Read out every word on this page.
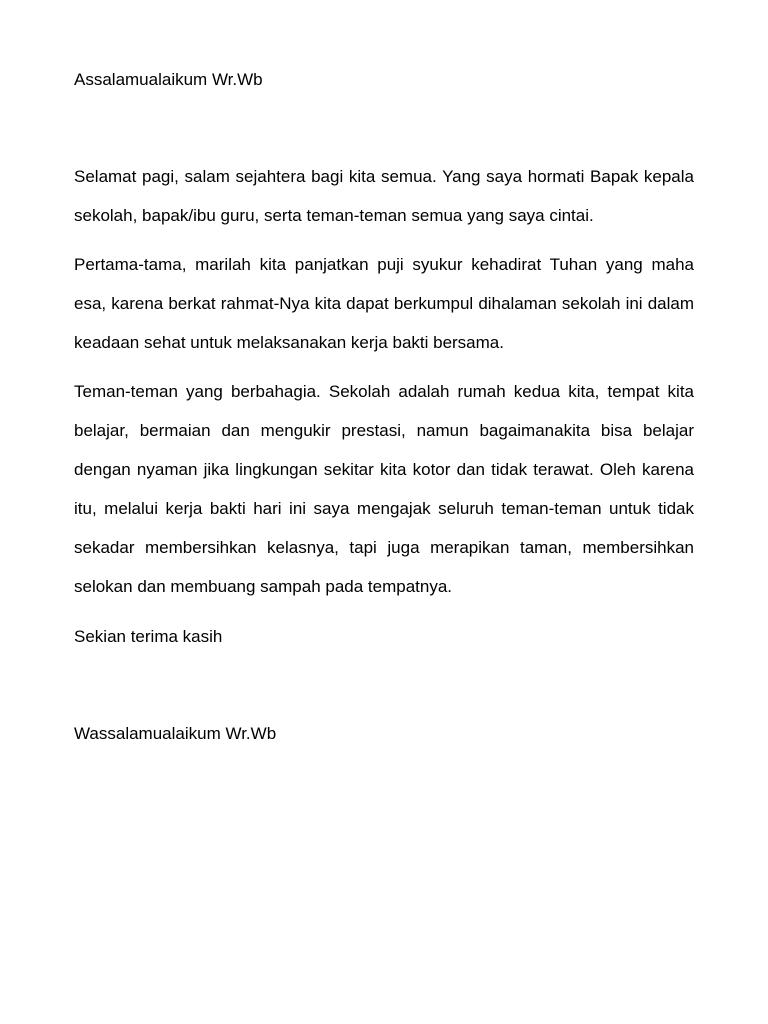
Assalamualaikum Wr.Wb

Selamat pagi, salam sejahtera bagi kita semua. Yang saya hormati Bapak kepala sekolah, bapak/ibu guru, serta teman-teman semua yang saya cintai.

Pertama-tama, marilah kita panjatkan puji syukur kehadirat Tuhan yang maha esa, karena berkat rahmat-Nya kita dapat berkumpul dihalaman sekolah ini dalam keadaan sehat untuk melaksanakan kerja bakti bersama.

Teman-teman yang berbahagia. Sekolah adalah rumah kedua kita, tempat kita belajar, bermaian dan mengukir prestasi, namun bagaimanakita bisa belajar dengan nyaman jika lingkungan sekitar kita kotor dan tidak terawat. Oleh karena itu, melalui kerja bakti hari ini saya mengajak seluruh teman-teman untuk tidak sekadar membersihkan kelasnya, tapi juga merapikan taman, membersihkan selokan dan membuang sampah pada tempatnya.

Sekian terima kasih

Wassalamualaikum Wr.Wb
